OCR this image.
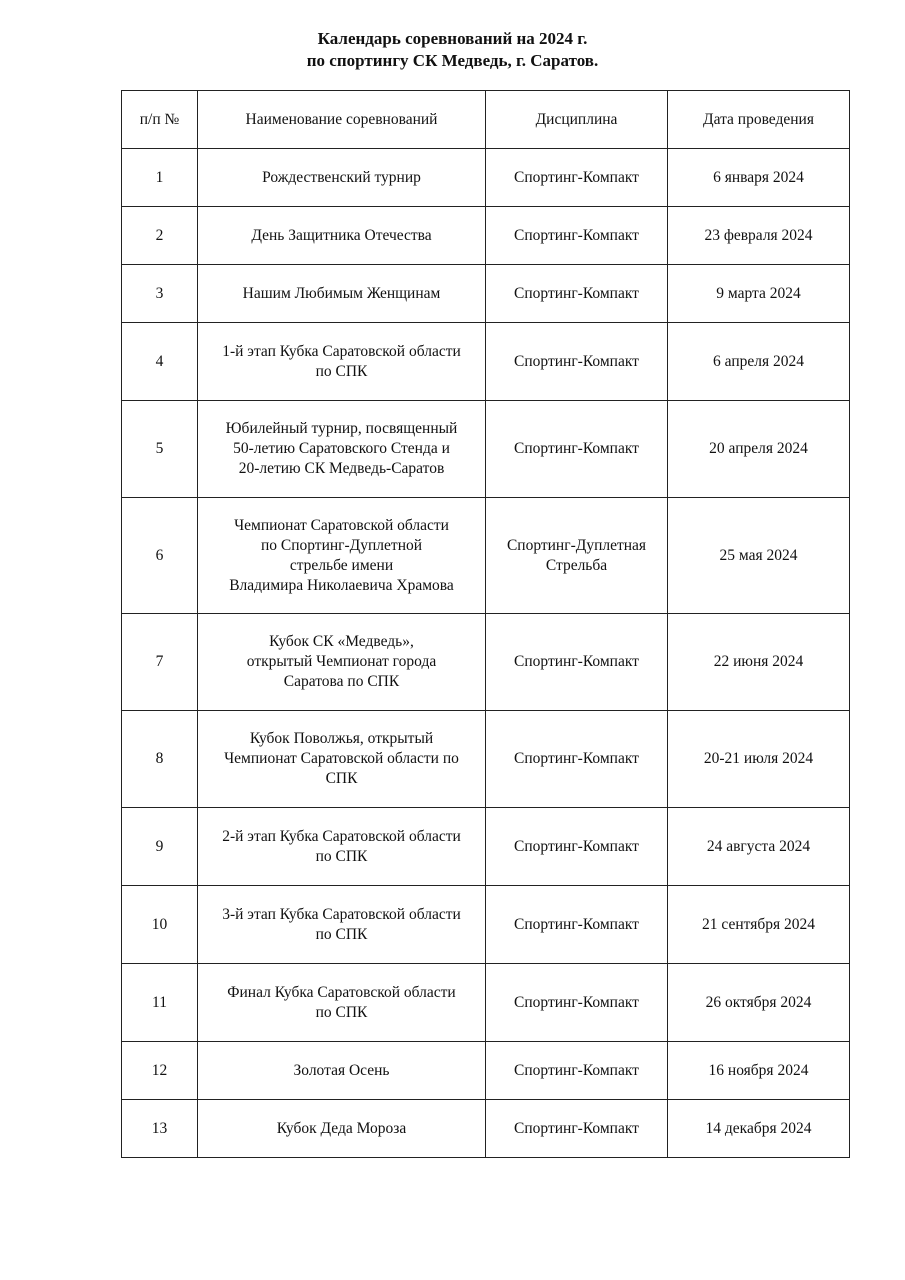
Календарь соревнований на 2024 г.
по спортингу СК Медведь, г. Саратов.
п/п №	Наименование соревнований	Дисциплина	Дата проведения
1	Рождественский турнир	Спортинг-Компакт	6 января 2024
2	День Защитника Отечества	Спортинг-Компакт	23 февраля 2024
3	Нашим Любимым Женщинам	Спортинг-Компакт	9 марта 2024
4	1-й этап Кубка Саратовской области
по СПК	Спортинг-Компакт	6 апреля 2024
5	Юбилейный турнир, посвященный
50-летию Саратовского Стенда и
20-летию СК Медведь-Саратов	Спортинг-Компакт	20 апреля 2024
6	Чемпионат Саратовской области
по Спортинг-Дуплетной
стрельбе имени
Владимира Николаевича Храмова	Спортинг-Дуплетная
Стрельба	25 мая 2024
7	Кубок СК «Медведь»,
открытый Чемпионат города
Саратова по СПК	Спортинг-Компакт	22 июня 2024
8	Кубок Поволжья, открытый
Чемпионат Саратовской области по
СПК	Спортинг-Компакт	20-21 июля 2024
9	2-й этап Кубка Саратовской области
по СПК	Спортинг-Компакт	24 августа 2024
10	3-й этап Кубка Саратовской области
по СПК	Спортинг-Компакт	21 сентября 2024
11	Финал Кубка Саратовской области
по СПК	Спортинг-Компакт	26 октября 2024
12	Золотая Осень	Спортинг-Компакт	16 ноября 2024
13	Кубок Деда Мороза	Спортинг-Компакт	14 декабря 2024
